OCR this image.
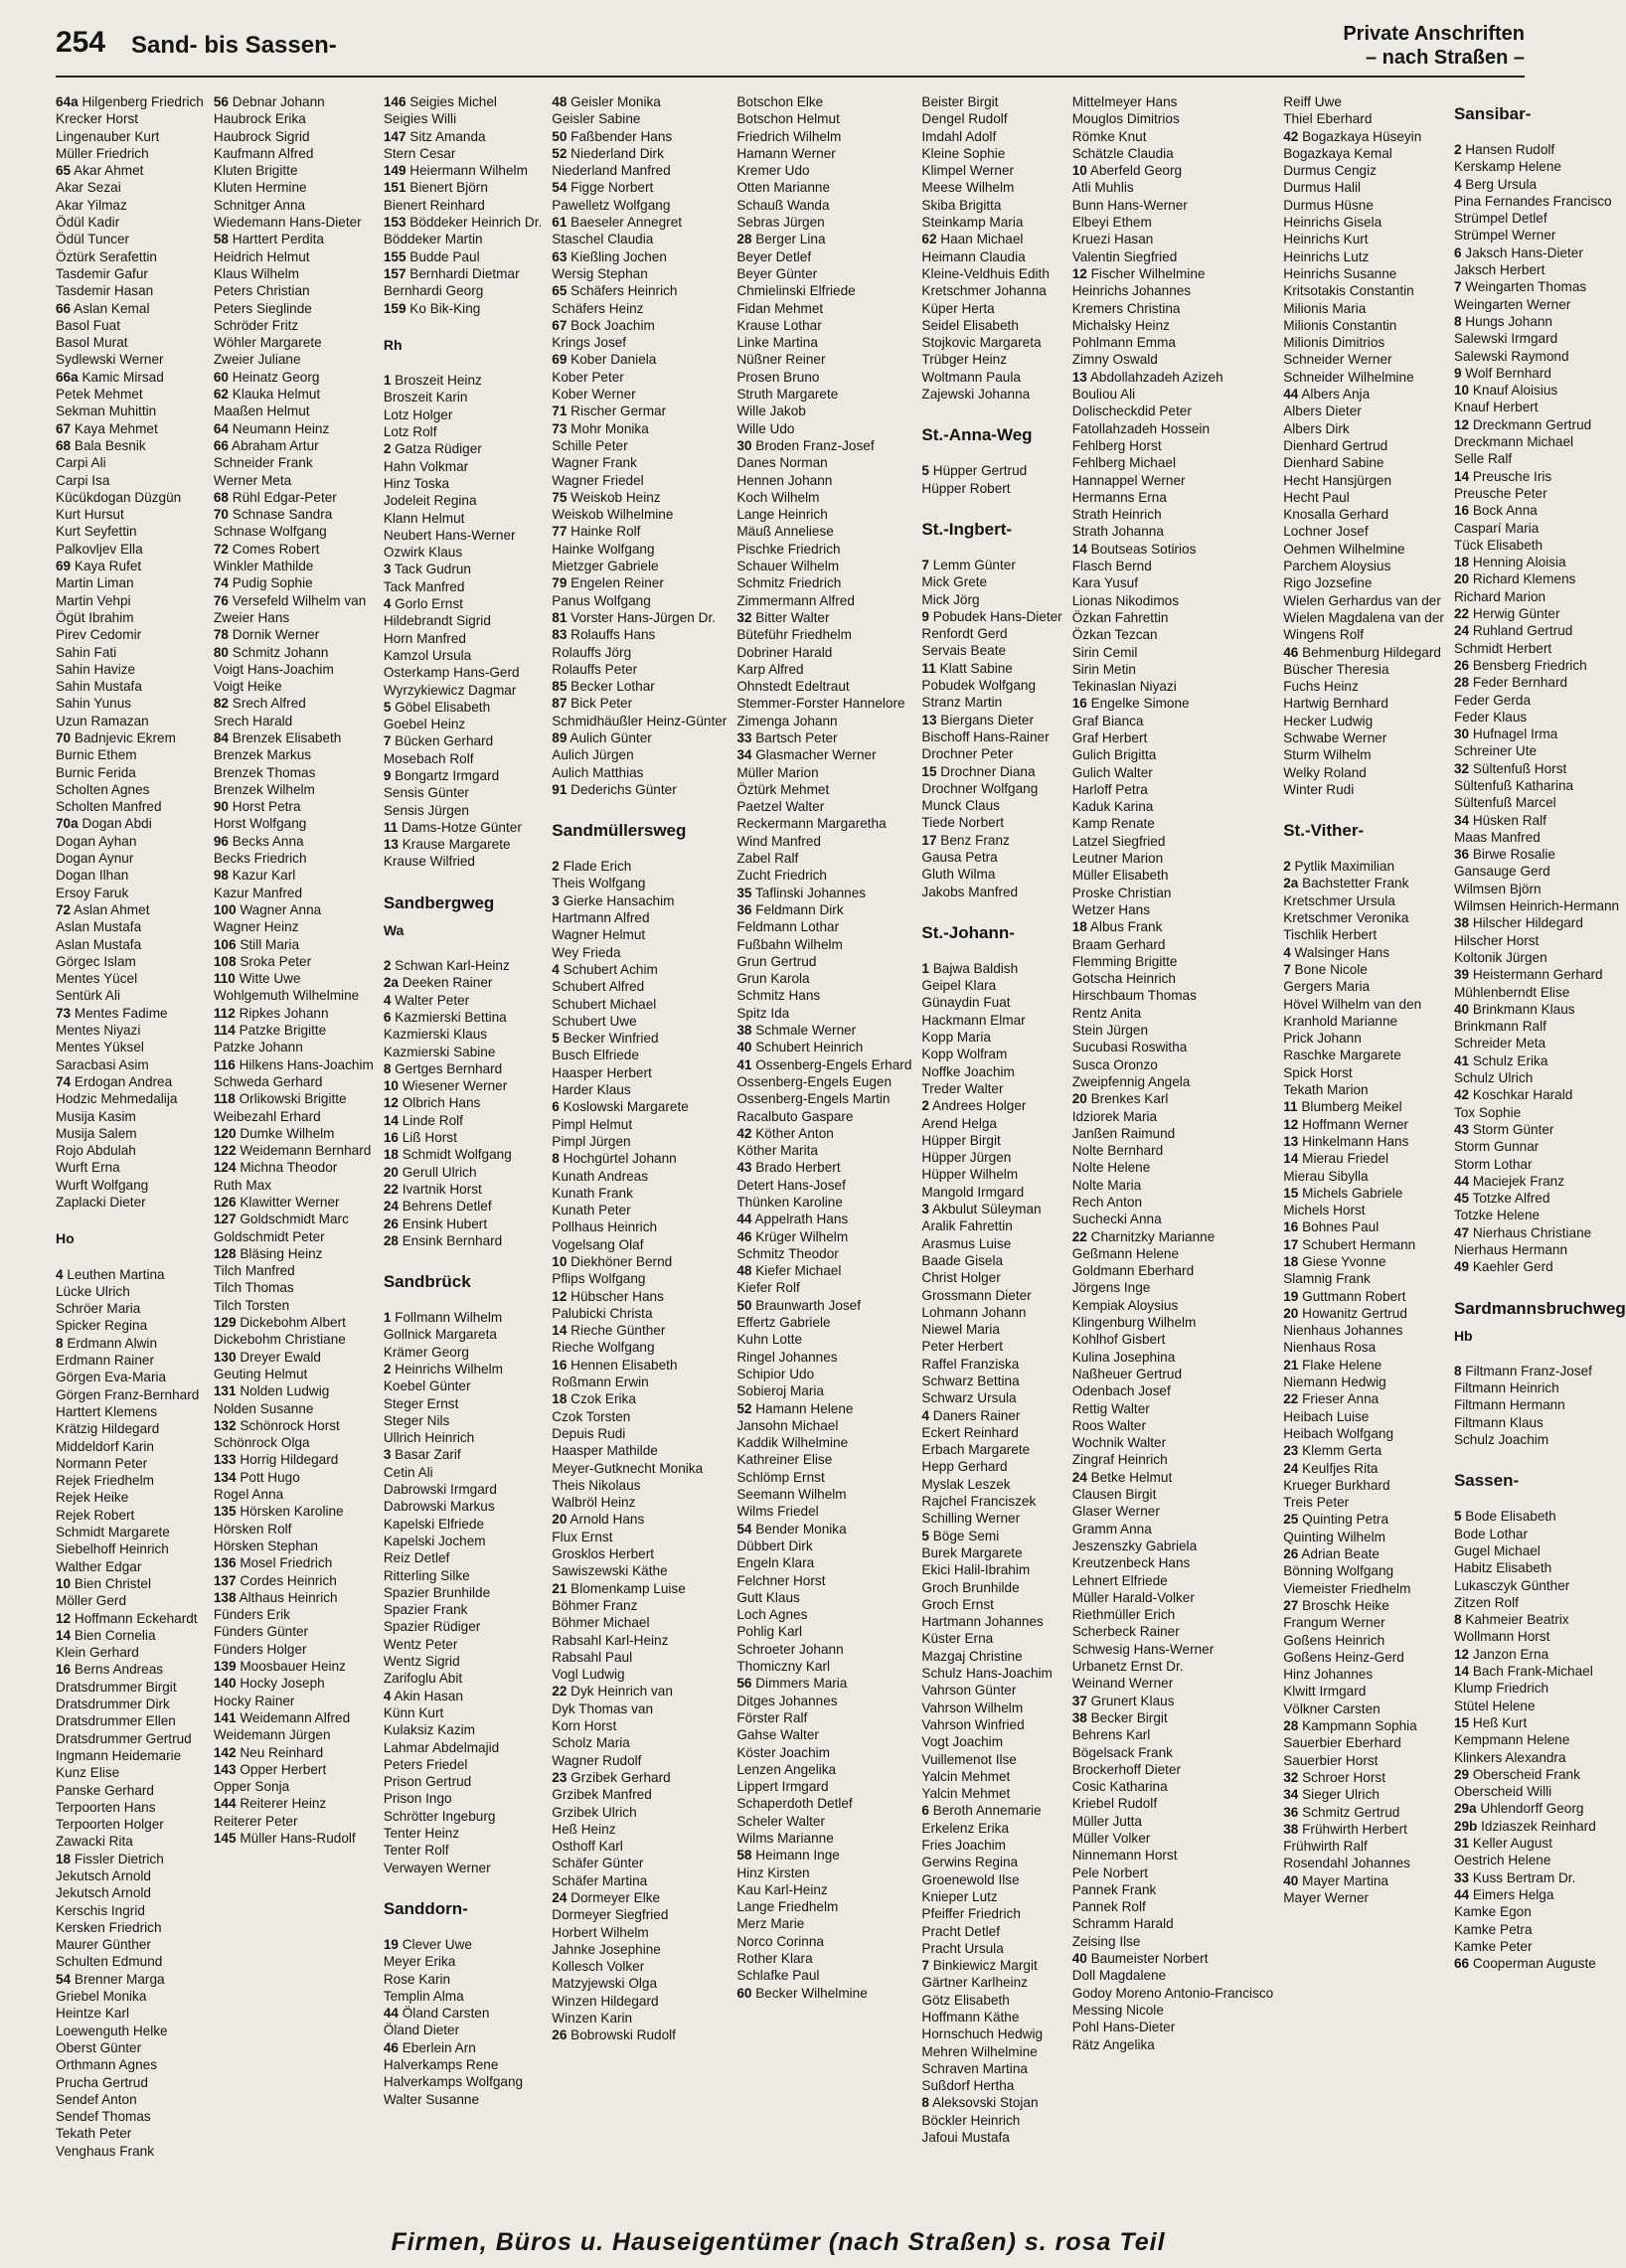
254 Sand- bis Sassen-	Private Anschriften
– nach Straßen –
64a Hilgenberg Friedrich
Krecker Horst
Lingenauber Kurt
Müller Friedrich
65 Akar Ahmet
Akar Sezai
Akar Yilmaz
Ödül Kadir
Ödül Tuncer
Öztürk Serafettin
Tasdemir Gafur
Tasdemir Hasan
66 Aslan Kemal
Basol Fuat
Basol Murat
Sydlewski Werner
66a Kamic Mirsad
Petek Mehmet
Sekman Muhittin
67 Kaya Mehmet
68 Bala Besnik
Carpi Ali
Carpi Isa
Kücükdogan Düzgün
Kurt Hursut
Kurt Seyfettin
Palkovljev Ella
69 Kaya Rufet
Martin Liman
Martin Vehpi
Ögüt Ibrahim
Pirev Cedomir
Sahin Fati
Sahin Havize
Sahin Mustafa
Sahin Yunus
Uzun Ramazan
70 Badnjevic Ekrem
Burnic Ethem
Burnic Ferida
Scholten Agnes
Scholten Manfred
70a Dogan Abdi
Dogan Ayhan
Dogan Aynur
Dogan Ilhan
Ersoy Faruk
72 Aslan Ahmet
Aslan Mustafa
Aslan Mustafa
Görgec Islam
Mentes Yücel
Sentürk Ali
73 Mentes Fadime
Mentes Niyazi
Mentes Yüksel
Saracbasi Asim
74 Erdogan Andrea
Hodzic Mehmedalija
Musija Kasim
Musija Salem
Rojo Abdulah
Wurft Erna
Wurft Wolfgang
Zaplacki Dieter
Ho
4 Leuthen Martina
Lücke Ulrich
Schröer Maria
Spicker Regina
8 Erdmann Alwin
Erdmann Rainer
Görgen Eva-Maria
Görgen Franz-Bernhard
Harttert Klemens
Krätzig Hildegard
Middeldorf Karin
Normann Peter
Rejek Friedhelm
Rejek Heike
Rejek Robert
Schmidt Margarete
Siebelhoff Heinrich
Walther Edgar
10 Bien Christel
Möller Gerd
12 Hoffmann Eckehardt
14 Bien Cornelia
Klein Gerhard
16 Berns Andreas
Dratsdrummer Birgit
Dratsdrummer Dirk
Dratsdrummer Ellen
Dratsdrummer Gertrud
Ingmann Heidemarie
Kunz Elise
Panske Gerhard
Terpoorten Hans
Terpoorten Holger
Zawacki Rita
18 Fissler Dietrich
Jekutsch Arnold
Jekutsch Arnold
Kerschis Ingrid
Kersken Friedrich
Maurer Günther
Schulten Edmund
54 Brenner Marga
Griebel Monika
Heintze Karl
Loewenguth Helke
Oberst Günter
Orthmann Agnes
Prucha Gertrud
Sendef Anton
Sendef Thomas
Tekath Peter
Venghaus Frank
56 Debnar Johann
Haubrock Erika
Haubrock Sigrid
Kaufmann Alfred
Kluten Brigitte
Kluten Hermine
Schnitger Anna
Wiedemann Hans-Dieter
58 Harttert Perdita
Heidrich Helmut
Klaus Wilhelm
Peters Christian
Peters Sieglinde
Schröder Fritz
Wöhler Margarete
Zweier Juliane
60 Heinatz Georg
62 Klauka Helmut
Maaßen Helmut
64 Neumann Heinz
66 Abraham Artur
Schneider Frank
Werner Meta
68 Rühl Edgar-Peter
70 Schnase Sandra
Schnase Wolfgang
72 Comes Robert
Winkler Mathilde
74 Pudig Sophie
76 Versefeld Wilhelm van
Zweier Hans
78 Dornik Werner
80 Schmitz Johann
Voigt Hans-Joachim
Voigt Heike
82 Srech Alfred
Srech Harald
84 Brenzek Elisabeth
Brenzek Markus
Brenzek Thomas
Brenzek Wilhelm
90 Horst Petra
Horst Wolfgang
96 Becks Anna
Becks Friedrich
98 Kazur Karl
Kazur Manfred
100 Wagner Anna
Wagner Heinz
106 Still Maria
108 Sroka Peter
110 Witte Uwe
Wohlgemuth Wilhelmine
112 Ripkes Johann
114 Patzke Brigitte
Patzke Johann
116 Hilkens Hans-Joachim
Schweda Gerhard
118 Orlikowski Brigitte
Weibezahl Erhard
120 Dumke Wilhelm
122 Weidemann Bernhard
124 Michna Theodor
Ruth Max
126 Klawitter Werner
127 Goldschmidt Marc
Goldschmidt Peter
128 Bläsing Heinz
Tilch Manfred
Tilch Thomas
Tilch Torsten
129 Dickebohm Albert
Dickebohm Christiane
130 Dreyer Ewald
Geuting Helmut
131 Nolden Ludwig
Nolden Susanne
132 Schönrock Horst
Schönrock Olga
133 Horrig Hildegard
134 Pott Hugo
Rogel Anna
135 Hörsken Karoline
Hörsken Rolf
Hörsken Stephan
136 Mosel Friedrich
137 Cordes Heinrich
138 Althaus Heinrich
Fünders Erik
Fünders Günter
Fünders Holger
139 Moosbauer Heinz
140 Hocky Joseph
Hocky Rainer
141 Weidemann Alfred
Weidemann Jürgen
142 Neu Reinhard
143 Opper Herbert
Opper Sonja
144 Reiterer Heinz
Reiterer Peter
145 Müller Hans-Rudolf
146 Seigies Michel
Seigies Willi
147 Sitz Amanda
Stern Cesar
149 Heiermann Wilhelm
151 Bienert Björn
Bienert Reinhard
153 Böddeker Heinrich Dr.
Böddeker Martin
155 Budde Paul
157 Bernhardi Dietmar
Bernhardi Georg
159 Ko Bik-King
Rh
1 Broszeit Heinz
Broszeit Karin
Lotz Holger
Lotz Rolf
2 Gatza Rüdiger
Hahn Volkmar
Hinz Toska
Jodeleit Regina
Klann Helmut
Neubert Hans-Werner
Ozwirk Klaus
3 Tack Gudrun
Tack Manfred
4 Gorlo Ernst
Hildebrandt Sigrid
Horn Manfred
Kamzol Ursula
Osterkamp Hans-Gerd
Wyrzykiewicz Dagmar
5 Göbel Elisabeth
Goebel Heinz
7 Bücken Gerhard
Mosebach Rolf
9 Bongartz Irmgard
Sensis Günter
Sensis Jürgen
11 Dams-Hotze Günter
13 Krause Margarete
Krause Wilfried
Sandbergweg
Wa
2 Schwan Karl-Heinz
2a Deeken Rainer
4 Walter Peter
6 Kazmierski Bettina
Kazmierski Klaus
Kazmierski Sabine
8 Gertges Bernhard
10 Wiesener Werner
12 Olbrich Hans
14 Linde Rolf
16 Liß Horst
18 Schmidt Wolfgang
20 Gerull Ulrich
22 Ivartnik Horst
24 Behrens Detlef
26 Ensink Hubert
28 Ensink Bernhard
Sandbrück
1 Follmann Wilhelm
Gollnick Margareta
Krämer Georg
2 Heinrichs Wilhelm
Koebel Günter
Steger Ernst
Steger Nils
Ullrich Heinrich
3 Basar Zarif
Cetin Ali
Dabrowski Irmgard
Dabrowski Markus
Kapelski Elfriede
Kapelski Jochem
Reiz Detlef
Ritterling Silke
Spazier Brunhilde
Spazier Frank
Spazier Rüdiger
Wentz Peter
Wentz Sigrid
Zarifoglu Abit
4 Akin Hasan
Künn Kurt
Kulaksiz Kazim
Lahmar Abdelmajid
Peters Friedel
Prison Gertrud
Prison Ingo
Schrötter Ingeburg
Tenter Heinz
Tenter Rolf
Verwayen Werner
Sanddorn-
19 Clever Uwe
Meyer Erika
Rose Karin
Templin Alma
44 Öland Carsten
Öland Dieter
46 Eberlein Arn
Halverkamps Rene
Halverkamps Wolfgang
Walter Susanne
48 Geisler Monika
Geisler Sabine
50 Faßbender Hans
52 Niederland Dirk
Niederland Manfred
54 Figge Norbert
Pawelletz Wolfgang
61 Baeseler Annegret
Staschel Claudia
63 Kießling Jochen
Wersig Stephan
65 Schäfers Heinrich
Schäfers Heinz
67 Bock Joachim
Krings Josef
69 Kober Daniela
Kober Peter
Kober Werner
71 Rischer Germar
73 Mohr Monika
Schille Peter
Wagner Frank
Wagner Friedel
75 Weiskob Heinz
Weiskob Wilhelmine
77 Hainke Rolf
Hainke Wolfgang
Mietzger Gabriele
79 Engelen Reiner
Panus Wolfgang
81 Vorster Hans-Jürgen Dr.
83 Rolauffs Hans
Rolauffs Jörg
Rolauffs Peter
85 Becker Lothar
87 Bick Peter
Schmidhäußler Heinz-Günter
89 Aulich Günter
Aulich Jürgen
Aulich Matthias
91 Dederichs Günter
Sandmüllersweg
2 Flade Erich
Theis Wolfgang
3 Gierke Hansachim
Hartmann Alfred
Wagner Helmut
Wey Frieda
4 Schubert Achim
Schubert Alfred
Schubert Michael
Schubert Uwe
5 Becker Winfried
Busch Elfriede
Haasper Herbert
Harder Klaus
6 Koslowski Margarete
Pimpl Helmut
Pimpl Jürgen
8 Hochgürtel Johann
Kunath Andreas
Kunath Frank
Kunath Peter
Pollhaus Heinrich
Vogelsang Olaf
10 Diekhöner Bernd
Pflips Wolfgang
12 Hübscher Hans
Palubicki Christa
14 Rieche Günther
Rieche Wolfgang
16 Hennen Elisabeth
Roßmann Erwin
18 Czok Erika
Czok Torsten
Depuis Rudi
Haasper Mathilde
Meyer-Gutknecht Monika
Theis Nikolaus
Walbröl Heinz
20 Arnold Hans
Flux Ernst
Grosklos Herbert
Sawiszewski Käthe
21 Blomenkamp Luise
Böhmer Franz
Böhmer Michael
Rabsahl Karl-Heinz
Rabsahl Paul
Vogl Ludwig
22 Dyk Heinrich van
Dyk Thomas van
Korn Horst
Scholz Maria
Wagner Rudolf
23 Grzibek Gerhard
Grzibek Manfred
Grzibek Ulrich
Heß Heinz
Osthoff Karl
Schäfer Günter
Schäfer Martina
24 Dormeyer Elke
Dormeyer Siegfried
Horbert Wilhelm
Jahnke Josephine
Kollesch Volker
Matzyjewski Olga
Winzen Hildegard
Winzen Karin
26 Bobrowski Rudolf
Botschon Elke
Botschon Helmut
Friedrich Wilhelm
Hamann Werner
Kremer Udo
Otten Marianne
Schauß Wanda
Sebras Jürgen
28 Berger Lina
Beyer Detlef
Beyer Günter
Chmielinski Elfriede
Fidan Mehmet
Krause Lothar
Linke Martina
Nüßner Reiner
Prosen Bruno
Struth Margarete
Wille Jakob
Wille Udo
30 Broden Franz-Josef
Danes Norman
Hennen Johann
Koch Wilhelm
Lange Heinrich
Mäuß Anneliese
Pischke Friedrich
Schauer Wilhelm
Schmitz Friedrich
Zimmermann Alfred
32 Bitter Walter
Büteführ Friedhelm
Dobriner Harald
Karp Alfred
Ohnstedt Edeltraut
Stemmer-Forster Hannelore
Zimenga Johann
33 Bartsch Peter
34 Glasmacher Werner
Müller Marion
Öztürk Mehmet
Paetzel Walter
Reckermann Margaretha
Wind Manfred
Zabel Ralf
Zucht Friedrich
35 Taflinski Johannes
36 Feldmann Dirk
Feldmann Lothar
Fußbahn Wilhelm
Grun Gertrud
Grun Karola
Schmitz Hans
Spitz Ida
38 Schmale Werner
40 Schubert Heinrich
41 Ossenberg-Engels Erhard
Ossenberg-Engels Eugen
Ossenberg-Engels Martin
Racalbuto Gaspare
42 Köther Anton
Köther Marita
43 Brado Herbert
Detert Hans-Josef
Thünken Karoline
44 Appelrath Hans
46 Krüger Wilhelm
Schmitz Theodor
48 Kiefer Michael
Kiefer Rolf
50 Braunwarth Josef
Effertz Gabriele
Kuhn Lotte
Ringel Johannes
Schipior Udo
Sobieroj Maria
52 Hamann Helene
Jansohn Michael
Kaddik Wilhelmine
Kathreiner Elise
Schlömp Ernst
Seemann Wilhelm
Wilms Friedel
54 Bender Monika
Dübbert Dirk
Engeln Klara
Felchner Horst
Gutt Klaus
Loch Agnes
Pohlig Karl
Schroeter Johann
Thomiczny Karl
56 Dimmers Maria
Ditges Johannes
Förster Ralf
Gahse Walter
Köster Joachim
Lenzen Angelika
Lippert Irmgard
Schaperdoth Detlef
Scheler Walter
Wilms Marianne
58 Heimann Inge
Hinz Kirsten
Kau Karl-Heinz
Lange Friedhelm
Merz Marie
Norco Corinna
Rother Klara
Schlafke Paul
60 Becker Wilhelmine
Beister Birgit
Dengel Rudolf
Imdahl Adolf
Kleine Sophie
Klimpel Werner
Meese Wilhelm
Skiba Brigitta
Steinkamp Maria
62 Haan Michael
Heimann Claudia
Kleine-Veldhuis Edith
Kretschmer Johanna
Küper Herta
Seidel Elisabeth
Stojkovic Margareta
Trübger Heinz
Woltmann Paula
Zajewski Johanna
St.-Anna-Weg
5 Hüpper Gertrud
Hüpper Robert
St.-Ingbert-
7 Lemm Günter
Mick Grete
Mick Jörg
9 Pobudek Hans-Dieter
Renfordt Gerd
Servais Beate
11 Klatt Sabine
Pobudek Wolfgang
Stranz Martin
13 Biergans Dieter
Bischoff Hans-Rainer
Drochner Peter
15 Drochner Diana
Drochner Wolfgang
Munck Claus
Tiede Norbert
17 Benz Franz
Gausa Petra
Gluth Wilma
Jakobs Manfred
St.-Johann-
1 Bajwa Baldish
Geipel Klara
Günaydin Fuat
Hackmann Elmar
Kopp Maria
Kopp Wolfram
Noffke Joachim
Treder Walter
2 Andrees Holger
Arend Helga
Hüpper Birgit
Hüpper Jürgen
Hüpper Wilhelm
Mangold Irmgard
3 Akbulut Süleyman
Aralik Fahrettin
Arasmus Luise
Baade Gisela
Christ Holger
Grossmann Dieter
Lohmann Johann
Niewel Maria
Peter Herbert
Raffel Franziska
Schwarz Bettina
Schwarz Ursula
4 Daners Rainer
Eckert Reinhard
Erbach Margarete
Hepp Gerhard
Myslak Leszek
Rajchel Franciszek
Schilling Werner
5 Böge Semi
Burek Margarete
Ekici Halil-Ibrahim
Groch Brunhilde
Groch Ernst
Hartmann Johannes
Küster Erna
Mazgaj Christine
Schulz Hans-Joachim
Vahrson Günter
Vahrson Wilhelm
Vahrson Winfried
Vogt Joachim
Vuillemenot Ilse
Yalcin Mehmet
Yalcin Mehmet
6 Beroth Annemarie
Erkelenz Erika
Fries Joachim
Gerwins Regina
Groenewold Ilse
Knieper Lutz
Pfeiffer Friedrich
Pracht Detlef
Pracht Ursula
7 Binkiewicz Margit
Gärtner Karlheinz
Götz Elisabeth
Hoffmann Käthe
Hornschuch Hedwig
Mehren Wilhelmine
Schraven Martina
Sußdorf Hertha
8 Aleksovski Stojan
Böckler Heinrich
Jafoui Mustafa
Mittelmeyer Hans
Mouglos Dimitrios
Römke Knut
Schätzle Claudia
10 Aberfeld Georg
Atli Muhlis
Bunn Hans-Werner
Elbeyi Ethem
Kruezi Hasan
Valentin Siegfried
12 Fischer Wilhelmine
Heinrichs Johannes
Kremers Christina
Michalsky Heinz
Pohlmann Emma
Zimny Oswald
13 Abdollahzadeh Azizeh
Bouliou Ali
Dolischeckdid Peter
Fatollahzadeh Hossein
Fehlberg Horst
Fehlberg Michael
Hannappel Werner
Hermanns Erna
Strath Heinrich
Strath Johanna
14 Boutseas Sotirios
Flasch Bernd
Kara Yusuf
Lionas Nikodimos
Özkan Fahrettin
Özkan Tezcan
Sirin Cemil
Sirin Metin
Tekinaslan Niyazi
16 Engelke Simone
Graf Bianca
Graf Herbert
Gulich Brigitta
Gulich Walter
Harloff Petra
Kaduk Karina
Kamp Renate
Latzel Siegfried
Leutner Marion
Müller Elisabeth
Proske Christian
Wetzer Hans
18 Albus Frank
Braam Gerhard
Flemming Brigitte
Gotscha Heinrich
Hirschbaum Thomas
Rentz Anita
Stein Jürgen
Sucubasi Roswitha
Susca Oronzo
Zweipfennig Angela
20 Brenkes Karl
Idziorek Maria
Janßen Raimund
Nolte Bernhard
Nolte Helene
Nolte Maria
Rech Anton
Suchecki Anna
22 Charnitzky Marianne
Geßmann Helene
Goldmann Eberhard
Jörgens Inge
Kempiak Aloysius
Klingenburg Wilhelm
Kohlhof Gisbert
Kulina Josephina
Naßheuer Gertrud
Odenbach Josef
Rettig Walter
Roos Walter
Wochnik Walter
Zingraf Heinrich
24 Betke Helmut
Clausen Birgit
Glaser Werner
Gramm Anna
Jeszenszky Gabriela
Kreutzenbeck Hans
Lehnert Elfriede
Müller Harald-Volker
Riethmüller Erich
Scherbeck Rainer
Schwesig Hans-Werner
Urbanetz Ernst Dr.
Weinand Werner
37 Grunert Klaus
38 Becker Birgit
Behrens Karl
Bögelsack Frank
Brockerhoff Dieter
Cosic Katharina
Kriebel Rudolf
Müller Jutta
Müller Volker
Ninnemann Horst
Pele Norbert
Pannek Frank
Pannek Rolf
Schramm Harald
Zeising Ilse
40 Baumeister Norbert
Doll Magdalene
Godoy Moreno Antonio-Francisco
Messing Nicole
Pohl Hans-Dieter
Rätz Angelika
Reiff Uwe
Thiel Eberhard
42 Bogazkaya Hüseyin
Bogazkaya Kemal
Durmus Cengiz
Durmus Halil
Durmus Hüsne
Heinrichs Gisela
Heinrichs Kurt
Heinrichs Lutz
Heinrichs Susanne
Kritsotakis Constantin
Milionis Maria
Milionis Constantin
Milionis Dimitrios
Schneider Werner
Schneider Wilhelmine
44 Albers Anja
Albers Dieter
Albers Dirk
Dienhard Gertrud
Dienhard Sabine
Hecht Hansjürgen
Hecht Paul
Knosalla Gerhard
Lochner Josef
Oehmen Wilhelmine
Parchem Aloysius
Rigo Jozsefine
Wielen Gerhardus van der
Wielen Magdalena van der
Wingens Rolf
46 Behmenburg Hildegard
Büscher Theresia
Fuchs Heinz
Hartwig Bernhard
Hecker Ludwig
Schwabe Werner
Sturm Wilhelm
Welky Roland
Winter Rudi
St.-Vither-
2 Pytlik Maximilian
2a Bachstetter Frank
Kretschmer Ursula
Kretschmer Veronika
Tischlik Herbert
4 Walsinger Hans
7 Bone Nicole
Gergers Maria
Hövel Wilhelm van den
Kranhold Marianne
Prick Johann
Raschke Margarete
Spick Horst
Tekath Marion
11 Blumberg Meikel
12 Hoffmann Werner
13 Hinkelmann Hans
14 Mierau Friedel
Mierau Sibylla
15 Michels Gabriele
Michels Horst
16 Bohnes Paul
17 Schubert Hermann
18 Giese Yvonne
Slamnig Frank
19 Guttmann Robert
20 Howanitz Gertrud
Nienhaus Johannes
Nienhaus Rosa
21 Flake Helene
Niemann Hedwig
22 Frieser Anna
Heibach Luise
Heibach Wolfgang
23 Klemm Gerta
24 Keulfjes Rita
Krueger Burkhard
Treis Peter
25 Quinting Petra
Quinting Wilhelm
26 Adrian Beate
Bönning Wolfgang
Viemeister Friedhelm
27 Broschk Heike
Frangum Werner
Goßens Heinrich
Goßens Heinz-Gerd
Hinz Johannes
Klwitt Irmgard
Völkner Carsten
28 Kampmann Sophia
Sauerbier Eberhard
Sauerbier Horst
32 Schroer Horst
34 Sieger Ulrich
36 Schmitz Gertrud
38 Frühwirth Herbert
Frühwirth Ralf
Rosendahl Johannes
40 Mayer Martina
Mayer Werner
Sansibar-
2 Hansen Rudolf
Kerskamp Helene
4 Berg Ursula
Pina Fernandes Francisco
Strümpel Detlef
Strümpel Werner
6 Jaksch Hans-Dieter
Jaksch Herbert
7 Weingarten Thomas
Weingarten Werner
8 Hungs Johann
Salewski Irmgard
Salewski Raymond
9 Wolf Bernhard
10 Knauf Aloisius
Knauf Herbert
12 Dreckmann Gertrud
Dreckmann Michael
Selle Ralf
14 Preusche Iris
Preusche Peter
16 Bock Anna
Casparí Maria
Tück Elisabeth
18 Henning Aloisia
20 Richard Klemens
Richard Marion
22 Herwig Günter
24 Ruhland Gertrud
Schmidt Herbert
26 Bensberg Friedrich
28 Feder Bernhard
Feder Gerda
Feder Klaus
30 Hufnagel Irma
Schreiner Ute
32 Sültenfuß Horst
Sültenfuß Katharina
Sültenfuß Marcel
34 Hüsken Ralf
Maas Manfred
36 Birwe Rosalie
Gansauge Gerd
Wilmsen Björn
Wilmsen Heinrich-Hermann
38 Hilscher Hildegard
Hilscher Horst
Koltonik Jürgen
39 Heistermann Gerhard
Mühlenberndt Elise
40 Brinkmann Klaus
Brinkmann Ralf
Schreider Meta
41 Schulz Erika
Schulz Ulrich
42 Koschkar Harald
Tox Sophie
43 Storm Günter
Storm Gunnar
Storm Lothar
44 Maciejek Franz
45 Totzke Alfred
Totzke Helene
47 Nierhaus Christiane
Nierhaus Hermann
49 Kaehler Gerd
Sardmannsbruchweg
Hb
8 Filtmann Franz-Josef
Filtmann Heinrich
Filtmann Hermann
Filtmann Klaus
Schulz Joachim
Sassen-
5 Bode Elisabeth
Bode Lothar
Gugel Michael
Habitz Elisabeth
Lukasczyk Günther
Zitzen Rolf
8 Kahmeier Beatrix
Wollmann Horst
12 Janzon Erna
14 Bach Frank-Michael
Klump Friedrich
Stütel Helene
15 Heß Kurt
Kempmann Helene
Klinkers Alexandra
29 Oberscheid Frank
Oberscheid Willi
29a Uhlendorff Georg
29b Idziaszek Reinhard
31 Keller August
Oestrich Helene
33 Kuss Bertram Dr.
44 Eimers Helga
Kamke Egon
Kamke Petra
Kamke Peter
66 Cooperman Auguste
Firmen, Büros u. Hauseigentümer (nach Straßen) s. rosa Teil
